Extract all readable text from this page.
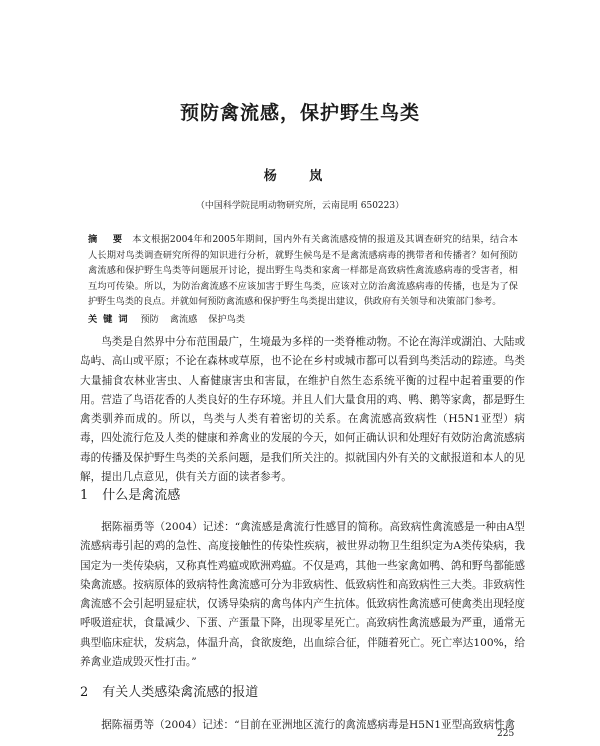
预防禽流感，保护野生鸟类
杨 岚
（中国科学院昆明动物研究所，云南昆明 650223）

摘 要 本文根据2004年和2005年期间，国内外有关禽流感疫情的报道及其调查研究的结果，结合本人长期对鸟类调查研究所得的知识进行分析，就野生候鸟是不是禽流感病毒的携带者和传播者？如何预防禽流感和保护野生鸟类等问题展开讨论，提出野生鸟类和家禽一样都是高致病性禽流感病毒的受害者，相互均可传染。所以，为防治禽流感不应该加害于野生鸟类，应该对立防治禽流感病毒的传播，也是为了保护野生鸟类的良点。并就如何预防禽流感和保护野生鸟类提出建议，供政府有关领导和决策部门参考。

关键词 预防 禽流感 保护鸟类

鸟类是自然界中分布范围最广，生境最为多样的一类脊椎动物。不论在海洋或湖泊、大陆或岛屿、高山或平原；不论在森林或草原，也不论在乡村或城市都可以看到鸟类活动的踪迹。鸟类大量捕食农林业害虫、人畜健康害虫和害鼠，在维护自然生态系统平衡的过程中起着重要的作用。营造了鸟语花香的人类良好的生存环境。并且人们大量食用的鸡、鸭、鹅等家禽，都是野生禽类驯养而成的。所以，鸟类与人类有着密切的关系。在禽流感高致病性（H5N1亚型）病毒，四处流行危及人类的健康和养禽业的发展的今天，如何正确认识和处理好有效防治禽流感病毒的传播及保护野生鸟类的关系问题，是我们所关注的。拟就国内外有关的文献报道和本人的见解，提出几点意见，供有关方面的读者参考。

1 什么是禽流感

据陈福勇等（2004）记述：“禽流感是禽流行性感冒的简称。高致病性禽流感是一种由A型流感病毒引起的鸡的急性、高度接触性的传染性疾病，被世界动物卫生组织定为A类传染病，我国定为一类传染病，又称真性鸡瘟或欧洲鸡瘟。不仅是鸡，其他一些家禽如鸭、鸽和野鸟都能感染禽流感。按病原体的致病特性禽流感可分为非致病性、低致病性和高致病性三大类。非致病性禽流感不会引起明显症状，仅诱导染病的禽鸟体内产生抗体。低致病性禽流感可使禽类出现轻度呼吸道症状，食量减少、下蛋、产蛋量下降，出现零星死亡。高致病性禽流感最为严重，通常无典型临床症状，发病急，体温升高，食欲废绝，出血综合征，伴随着死亡。死亡率达100%，给养禽业造成毁灭性打击。”

2 有关人类感染禽流感的报道

据陈福勇等（2004）记述：“目前在亚洲地区流行的禽流感病毒是H5N1亚型高致病性禽

225
